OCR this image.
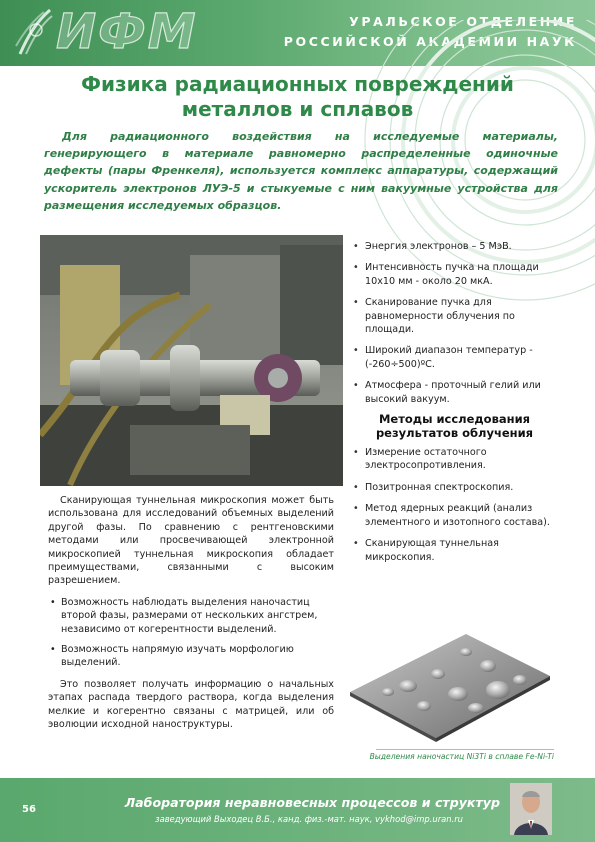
ИФМ	УРАЛЬСКОЕ ОТДЕЛЕНИЕ
РОССИЙСКОЙ АКАДЕМИИ НАУК
Физика радиационных повреждений
металлов и сплавов
Для радиационного воздействия на исследуемые материалы, генерирующего в материале равномерно распределенные одиночные дефекты (пары Френкеля), используется комплекс аппаратуры, содержащий ускоритель электронов ЛУЭ-5 и стыкуемые с ним вакуумные устройства для размещения исследуемых образцов.
• Энергия электронов – 5 МэВ.
• Интенсивность пучка на площади 10х10 мм - около 20 мкА.
• Сканирование пучка для равномерности облучения по площади.
• Широкий диапазон температур - (-260÷500)ºС.
• Атмосфера - проточный гелий или высокий вакуум.
Методы исследования результатов облучения
• Измерение остаточного электросопротивления.
• Позитронная спектроскопия.
• Метод ядерных реакций (анализ элементного и изотопного состава).
• Сканирующая туннельная микроскопия.

Сканирующая туннельная микроскопия может быть использована для исследований объемных выделений другой фазы. По сравнению с рентгеновскими методами или просвечивающей электронной микроскопией туннельная микроскопия обладает преимуществами, связанными с высоким разрешением.

• Возможность наблюдать выделения наночастиц второй фазы, размерами от нескольких ангстрем, независимо от когерентности выделений.
• Возможность напрямую изучать морфологию выделений.

Это позволяет получать информацию о начальных этапах распада твердого раствора, когда выделения мелкие и когерентно связаны с матрицей, или об эволюции исходной наноструктуры.

Выделения наночастиц Ni3Ti в сплаве Fe-Ni-Ti
56	Лаборатория неравновесных процессов и структур
заведующий Выходец В.Б., канд. физ.-мат. наук, vykhod@imp.uran.ru
